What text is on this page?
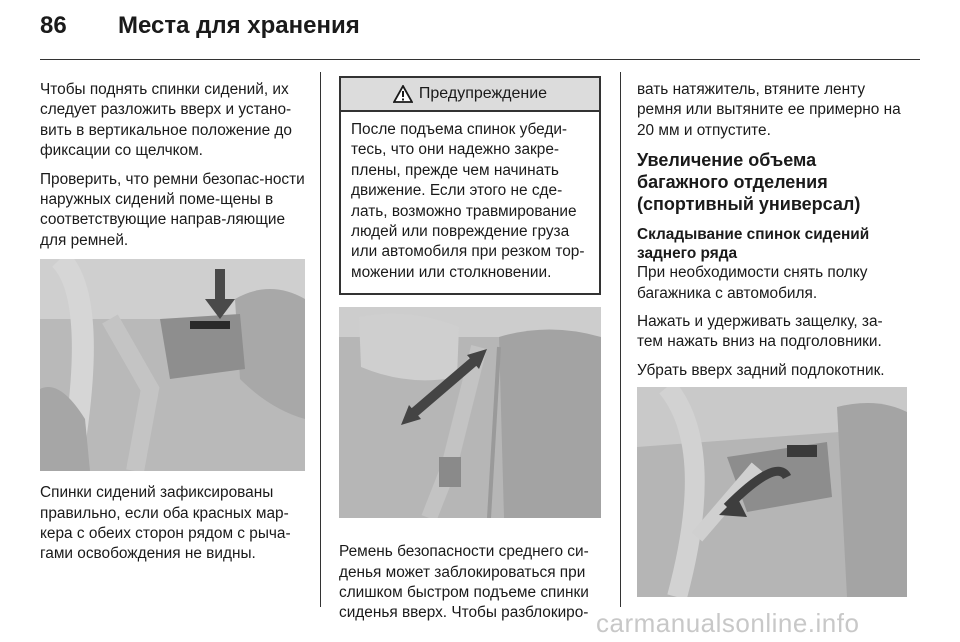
86 Места для хранения

Чтобы поднять спинки сидений, их следует разложить вверх и устано-вить в вертикальное положение до фиксации со щелчком.

Проверить, что ремни безопас-ности наружных сидений поме-щены в соответствующие направ-ляющие для ремней.

Спинки сидений зафиксированы правильно, если оба красных мар-кера с обеих сторон рядом с рыча-гами освобождения не видны.

Предупреждение
После подъема спинок убеди-тесь, что они надежно закре-плены, прежде чем начинать движение. Если этого не сде-лать, возможно травмирование людей или повреждение груза или автомобиля при резком тор-можении или столкновении.

Ремень безопасности среднего си-денья может заблокироваться при слишком быстром подъеме спинки сиденья вверх. Чтобы разблокиро-

вать натяжитель, втяните ленту ремня или вытяните ее примерно на 20 мм и отпустите.

Увеличение объема багажного отделения (спортивный универсал)
Складывание спинок сидений заднего ряда

При необходимости снять полку багажника с автомобиля.

Нажать и удерживать защелку, за-тем нажать вниз на подголовники.

Убрать вверх задний подлокотник.

carmanualsonline.info
